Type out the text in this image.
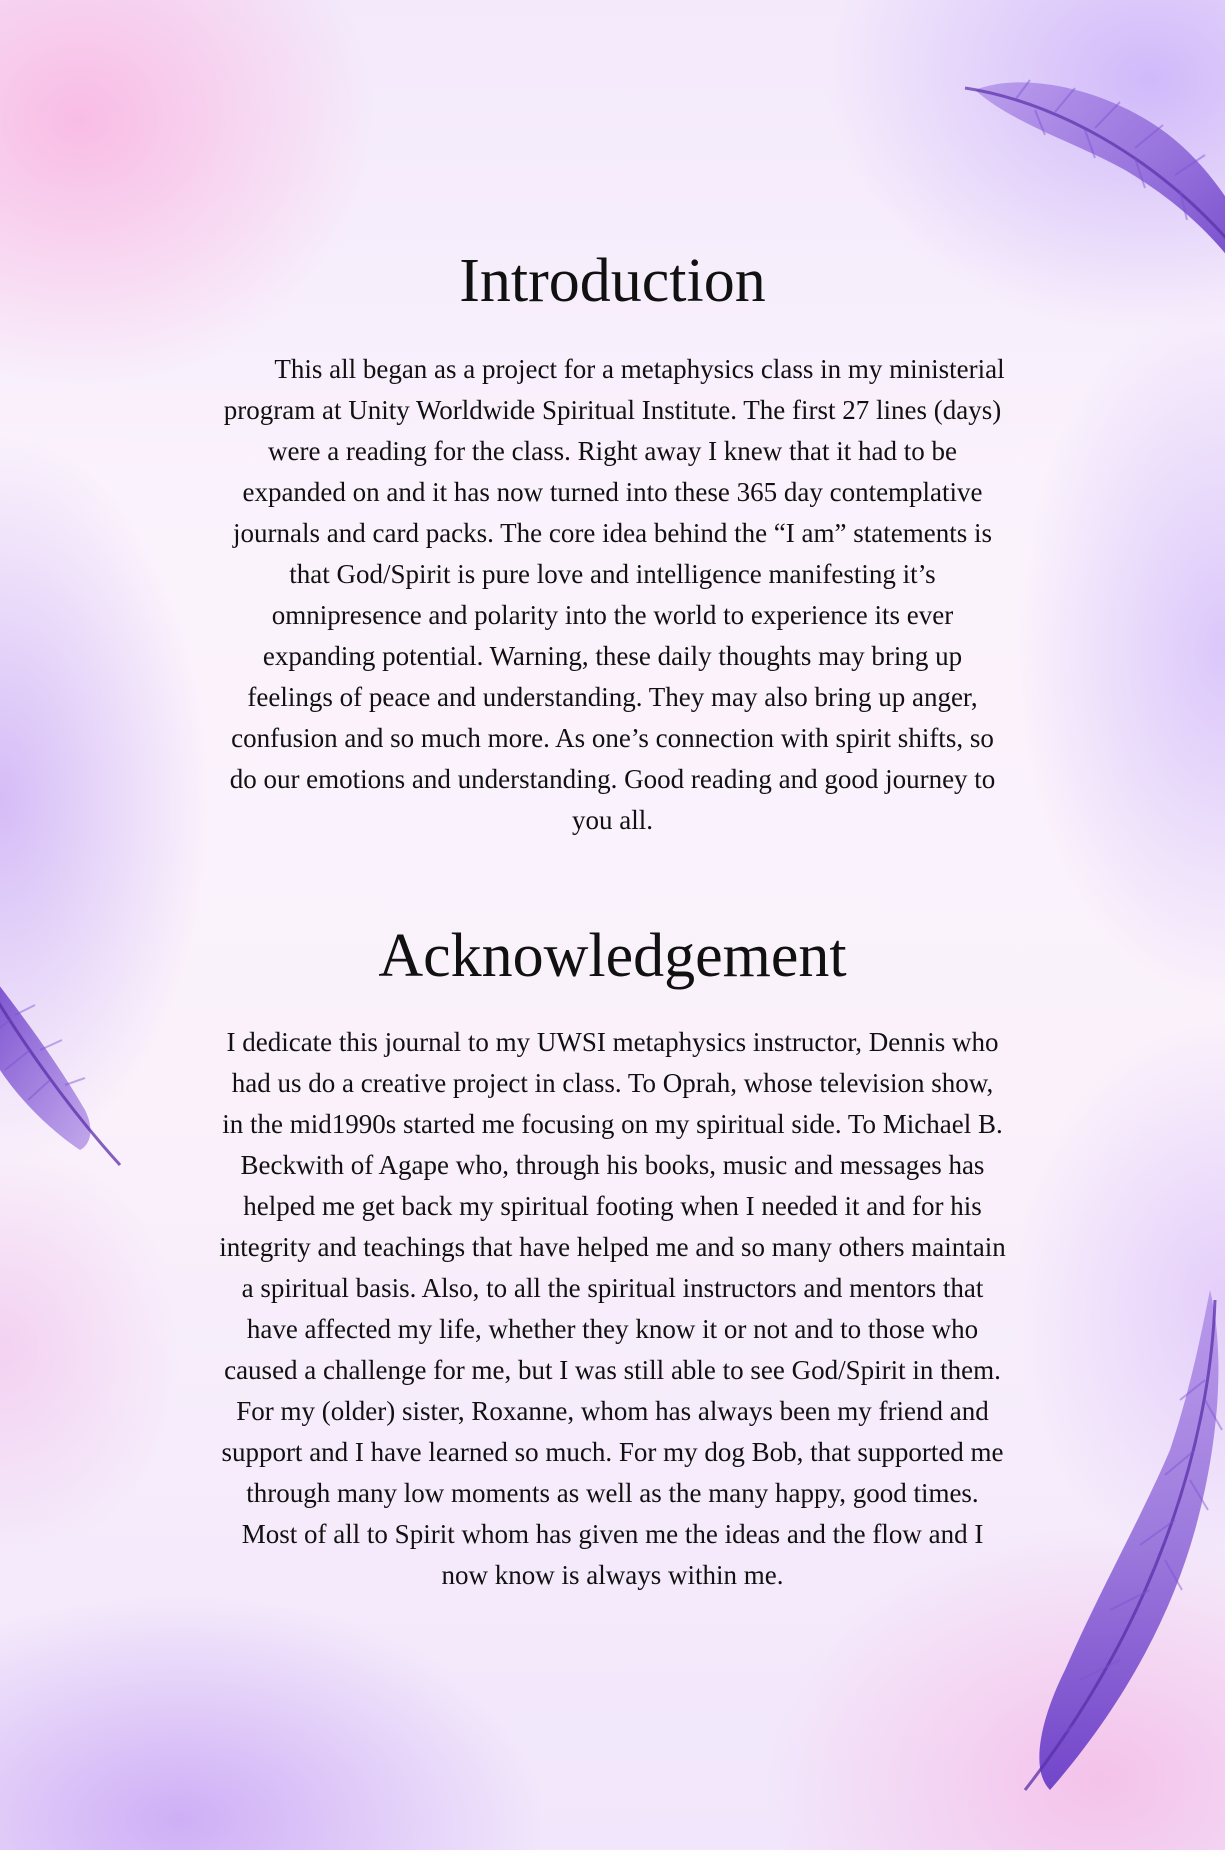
Introduction

This all began as a project for a metaphysics class in my ministerial program at Unity Worldwide Spiritual Institute. The first 27 lines (days) were a reading for the class. Right away I knew that it had to be expanded on and it has now turned into these 365 day contemplative journals and card packs. The core idea behind the “I am” statements is that God/Spirit is pure love and intelligence manifesting it’s omnipresence and polarity into the world to experience its ever expanding potential. Warning, these daily thoughts may bring up feelings of peace and understanding. They may also bring up anger, confusion and so much more. As one’s connection with spirit shifts, so do our emotions and understanding. Good reading and good journey to you all.

Acknowledgement

I dedicate this journal to my UWSI metaphysics instructor, Dennis who had us do a creative project in class. To Oprah, whose television show, in the mid1990s started me focusing on my spiritual side. To Michael B. Beckwith of Agape who, through his books, music and messages has helped me get back my spiritual footing when I needed it and for his integrity and teachings that have helped me and so many others maintain a spiritual basis. Also, to all the spiritual instructors and mentors that have affected my life, whether they know it or not and to those who caused a challenge for me, but I was still able to see God/Spirit in them. For my (older) sister, Roxanne, whom has always been my friend and support and I have learned so much. For my dog Bob, that supported me through many low moments as well as the many happy, good times. Most of all to Spirit whom has given me the ideas and the flow and I now know is always within me.
